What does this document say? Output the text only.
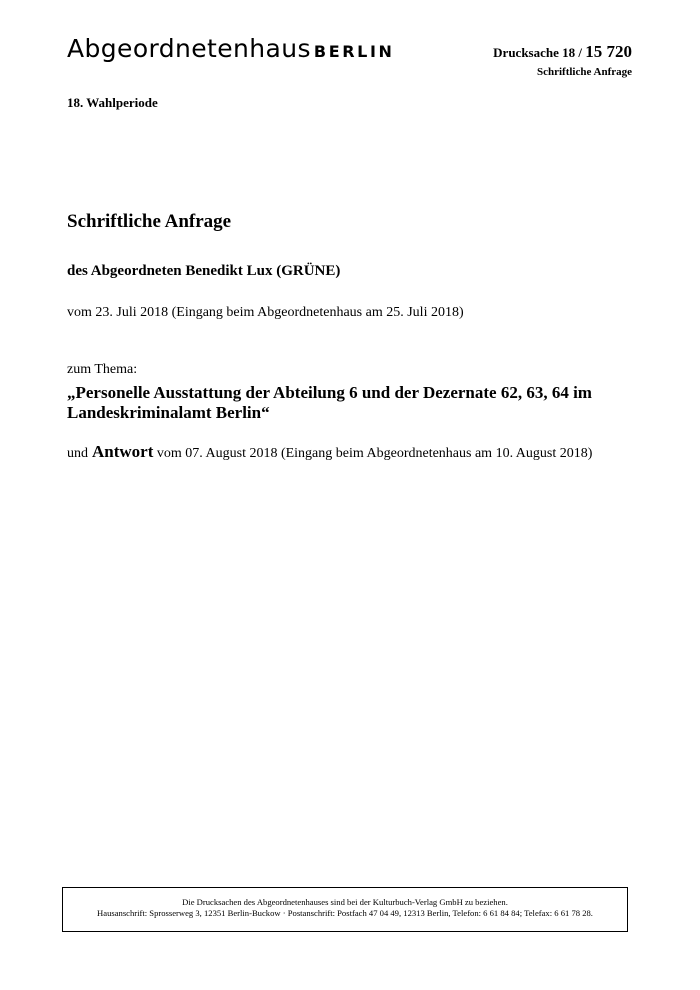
Abgeordnetenhaus BERLIN	Drucksache 18 / 15 720
Schriftliche Anfrage
18. Wahlperiode
Schriftliche Anfrage
des Abgeordneten Benedikt Lux (GRÜNE)
vom 23. Juli 2018 (Eingang beim Abgeordnetenhaus am 25. Juli 2018)
zum Thema:
„Personelle Ausstattung der Abteilung 6 und der Dezernate 62, 63, 64 im Landeskriminalamt Berlin“
und Antwort vom 07. August 2018 (Eingang beim Abgeordnetenhaus am 10. August 2018)
Die Drucksachen des Abgeordnetenhauses sind bei der Kulturbuch-Verlag GmbH zu beziehen.
Hausanschrift: Sprosserweg 3, 12351 Berlin-Buckow · Postanschrift: Postfach 47 04 49, 12313 Berlin, Telefon: 6 61 84 84; Telefax: 6 61 78 28.
